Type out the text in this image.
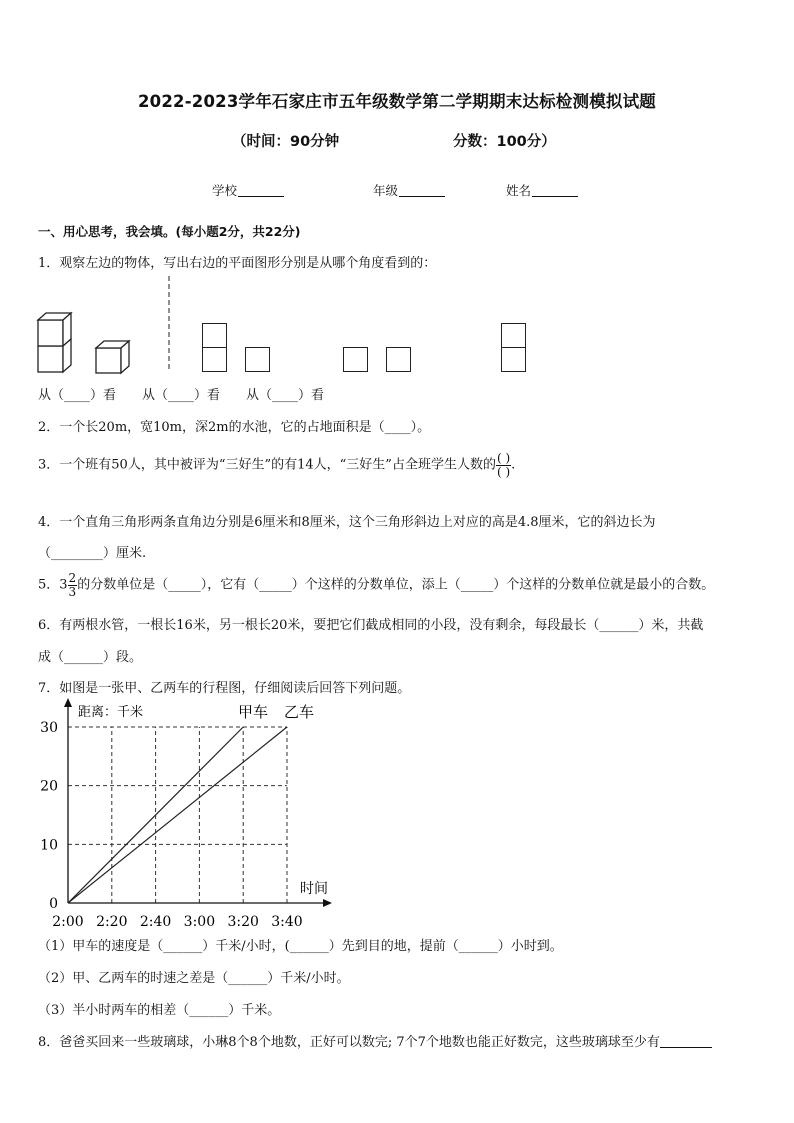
2022-2023学年石家庄市五年级数学第二学期期末达标检测模拟试题
（时间：90分钟	分数：100分）
学校	年级	姓名
一、用心思考，我会填。(每小题2分，共22分)
1．观察左边的物体，写出右边的平面图形分别是从哪个角度看到的：
从（____）看 从（____）看 从（____）看
2．一个长20m，宽10m，深2m的水池，它的占地面积是（____）。
3．一个班有50人，其中被评为“三好生”的有14人，“三好生”占全班学生人数的 $\frac{( )}{( )}$ .
4．一个直角三角形两条直角边分别是6厘米和8厘米，这个三角形斜边上对应的高是4.8厘米，它的斜边长为
（________）厘米.
5．$3 \frac{2}{3}$ 的分数单位是（_____），它有（_____）个这样的分数单位，添上（_____）个这样的分数单位就是最小的合数。
6．有两根水管，一根长16米，另一根长20米，要把它们截成相同的小段，没有剩余，每段最长（______）米，共截
成（______）段。
7．如图是一张甲、乙两车的行程图，仔细阅读后回答下列问题。
0
10
20
30
2:00 2:20 2:40 3:00 3:20 3:40
距离：千米
时间
甲车 乙车
（1）甲车的速度是（______）千米/小时，(______）先到目的地，提前（______）小时到。
（2）甲、乙两车的时速之差是（______）千米/小时。
（3）半小时两车的相差（______）千米。
8．爸爸买回来一些玻璃球，小琳8个8个地数，正好可以数完; 7个7个地数也能正好数完，这些玻璃球至少有
